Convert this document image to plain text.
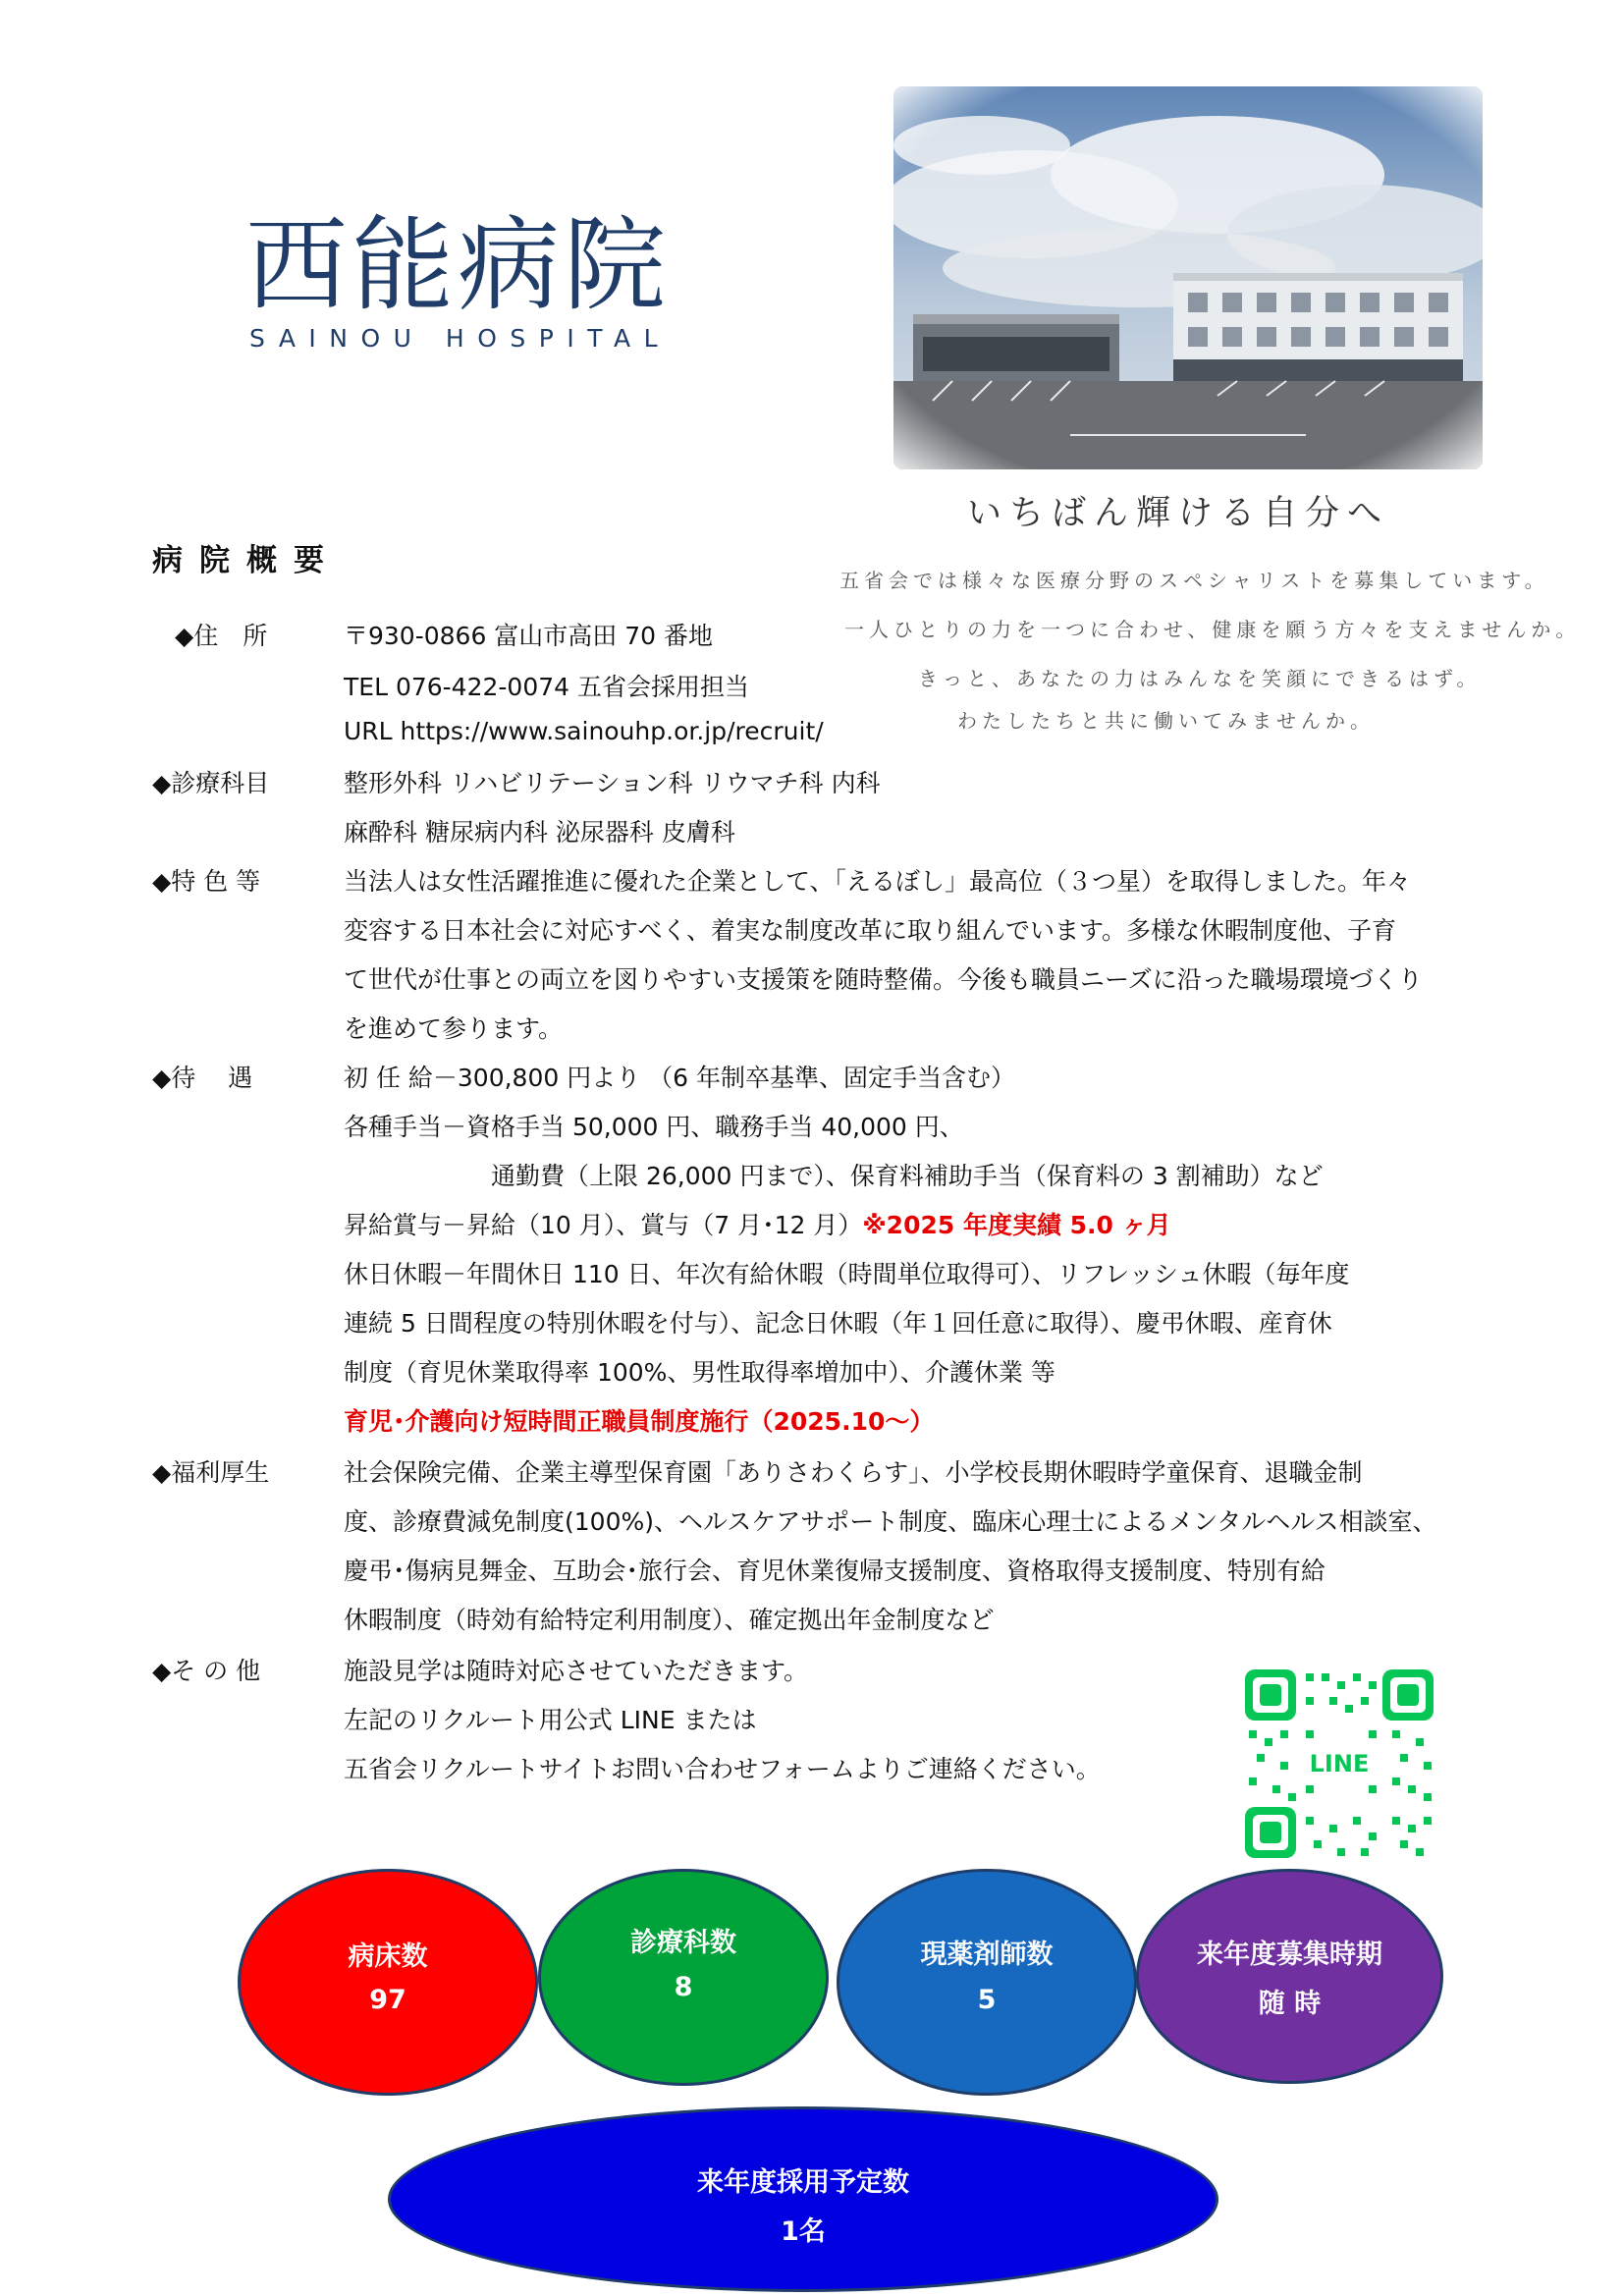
西能病院
SAINOU HOSPITAL
いちばん輝ける自分へ
五省会では様々な医療分野のスペシャリストを募集しています。
一人ひとりの力を一つに合わせ、健康を願う方々を支えませんか。
きっと、あなたの力はみんなを笑顔にできるはず。
わたしたちと共に働いてみませんか。
病院概要
◆住　所	〒930-0866 富山市高田 70 番地
TEL 076-422-0074 五省会採用担当
URL https://www.sainouhp.or.jp/recruit/
◆診療科目	整形外科 リハビリテーション科 リウマチ科 内科
麻酔科 糖尿病内科 泌尿器科 皮膚科
◆特 色 等	当法人は女性活躍推進に優れた企業として、「えるぼし」最高位（３つ星）を取得しました。年々
変容する日本社会に対応すべく、着実な制度改革に取り組んでいます。多様な休暇制度他、子育
て世代が仕事との両立を図りやすい支援策を随時整備。今後も職員ニーズに沿った職場環境づくり
を進めて参ります。
◆待　 遇	初 任 給－300,800 円より （6 年制卒基準、固定手当含む）
各種手当－資格手当 50,000 円、職務手当 40,000 円、
通勤費（上限 26,000 円まで）、保育料補助手当（保育料の 3 割補助）など
昇給賞与－昇給（10 月）、賞与（7 月･12 月）※2025 年度実績 5.0 ヶ月
休日休暇－年間休日 110 日、年次有給休暇（時間単位取得可）、リフレッシュ休暇（毎年度
連続 5 日間程度の特別休暇を付与）、記念日休暇（年１回任意に取得）、慶弔休暇、産育休
制度（育児休業取得率 100%、男性取得率増加中）、介護休業 等
育児･介護向け短時間正職員制度施行（2025.10～）
◆福利厚生	社会保険完備、企業主導型保育園「ありさわくらす」、小学校長期休暇時学童保育、退職金制
度、診療費減免制度(100%)、ヘルスケアサポート制度、臨床心理士によるメンタルヘルス相談室、
慶弔･傷病見舞金、互助会･旅行会、育児休業復帰支援制度、資格取得支援制度、特別有給
休暇制度（時効有給特定利用制度）、確定拠出年金制度など
◆そ の 他	施設見学は随時対応させていただきます。
左記のリクルート用公式 LINE または
五省会リクルートサイトお問い合わせフォームよりご連絡ください。	LINE
病床数
97
診療科数
8
現薬剤師数
5
来年度募集時期
随 時
来年度採用予定数
1名
